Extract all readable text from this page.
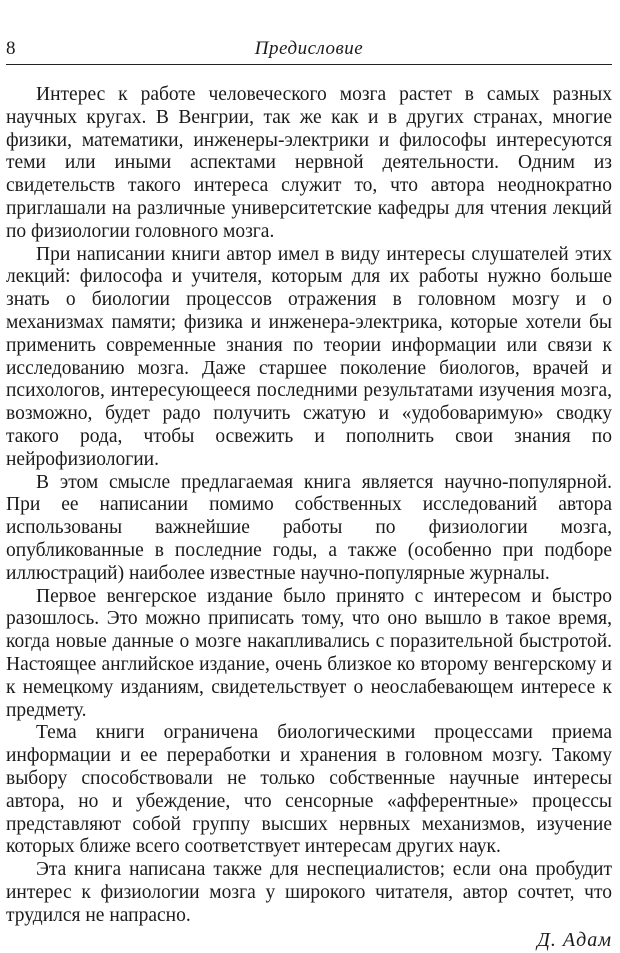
8	Предисловие

Интерес к работе человеческого мозга растет в самых разных научных кругах. В Венгрии, так же как и в других странах, многие физики, математики, инженеры-электрики и философы интересуются теми или иными аспектами нервной деятельности. Одним из свидетельств такого интереса служит то, что автора неоднократно приглашали на различные университетские кафедры для чтения лекций по физиологии головного мозга.

При написании книги автор имел в виду интересы слушателей этих лекций: философа и учителя, которым для их работы нужно больше знать о биологии процессов отражения в головном мозгу и о механизмах памяти; физика и инженера-электрика, которые хотели бы применить современные знания по теории информации или связи к исследованию мозга. Даже старшее поколение биологов, врачей и психологов, интересующееся последними результатами изучения мозга, возможно, будет радо получить сжатую и «удобоваримую» сводку такого рода, чтобы освежить и пополнить свои знания по нейрофизиологии.

В этом смысле предлагаемая книга является научно-популярной. При ее написании помимо собственных исследований автора использованы важнейшие работы по физиологии мозга, опубликованные в последние годы, а также (особенно при подборе иллюстраций) наиболее известные научно-популярные журналы.

Первое венгерское издание было принято с интересом и быстро разошлось. Это можно приписать тому, что оно вышло в такое время, когда новые данные о мозге накапливались с поразительной быстротой. Настоящее английское издание, очень близкое ко второму венгерскому и к немецкому изданиям, свидетельствует о неослабевающем интересе к предмету.

Тема книги ограничена биологическими процессами приема информации и ее переработки и хранения в головном мозгу. Такому выбору способствовали не только собственные научные интересы автора, но и убеждение, что сенсорные «афферентные» процессы представляют собой группу высших нервных механизмов, изучение которых ближе всего соответствует интересам других наук.

Эта книга написана также для неспециалистов; если она пробудит интерес к физиологии мозга у широкого читателя, автор сочтет, что трудился не напрасно.

Д. Адам
